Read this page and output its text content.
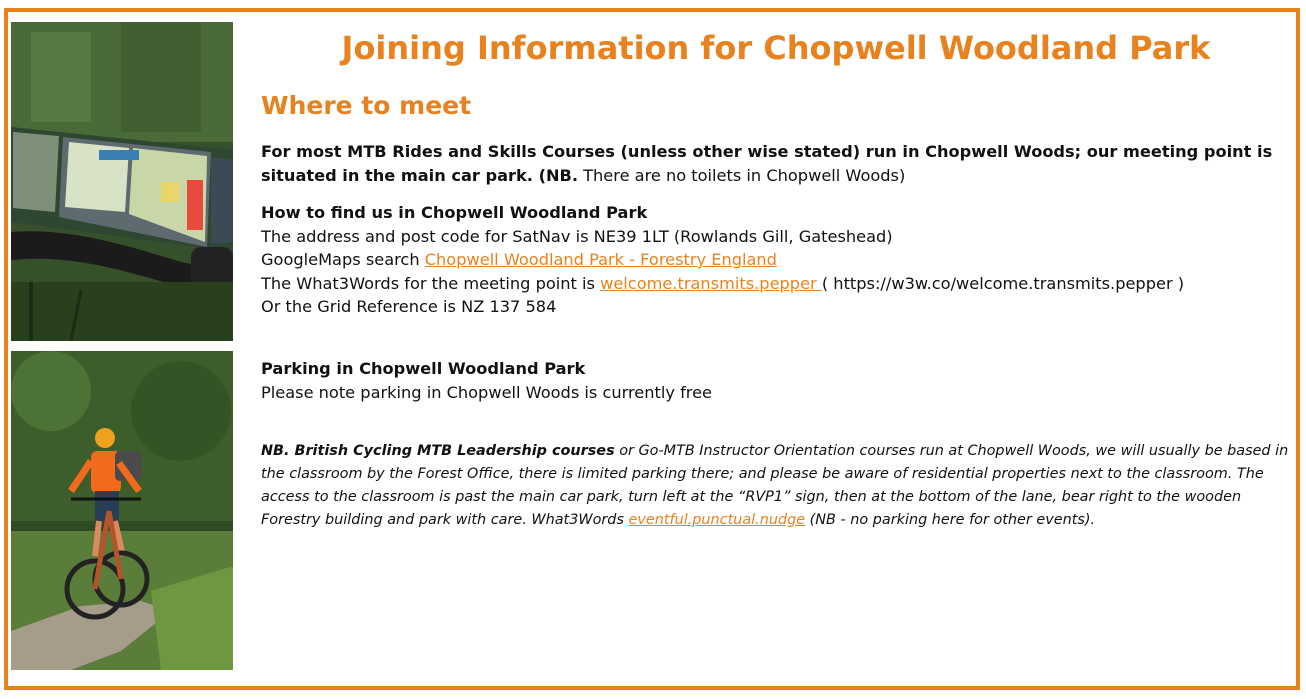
Joining Information for Chopwell Woodland Park
Where to meet
For most MTB Rides and Skills Courses (unless other wise stated) run in Chopwell Woods; our meeting point is situated in the main car park. (NB. There are no toilets in Chopwell Woods)
How to find us in Chopwell Woodland Park
The address and post code for SatNav is NE39 1LT (Rowlands Gill, Gateshead)
GoogleMaps search Chopwell Woodland Park - Forestry England
The What3Words for the meeting point is welcome.transmits.pepper ( https://w3w.co/welcome.transmits.pepper )
Or the Grid Reference is NZ 137 584
Parking in Chopwell Woodland Park
Please note parking in Chopwell Woods is currently free
NB. British Cycling MTB Leadership courses or Go-MTB Instructor Orientation courses run at Chopwell Woods, we will usually be based in the classroom by the Forest Office, there is limited parking there; and please be aware of residential properties next to the classroom. The access to the classroom is past the main car park, turn left at the “RVP1” sign, then at the bottom of the lane, bear right to the wooden Forestry building and park with care. What3Words eventful.punctual.nudge (NB - no parking here for other events).
